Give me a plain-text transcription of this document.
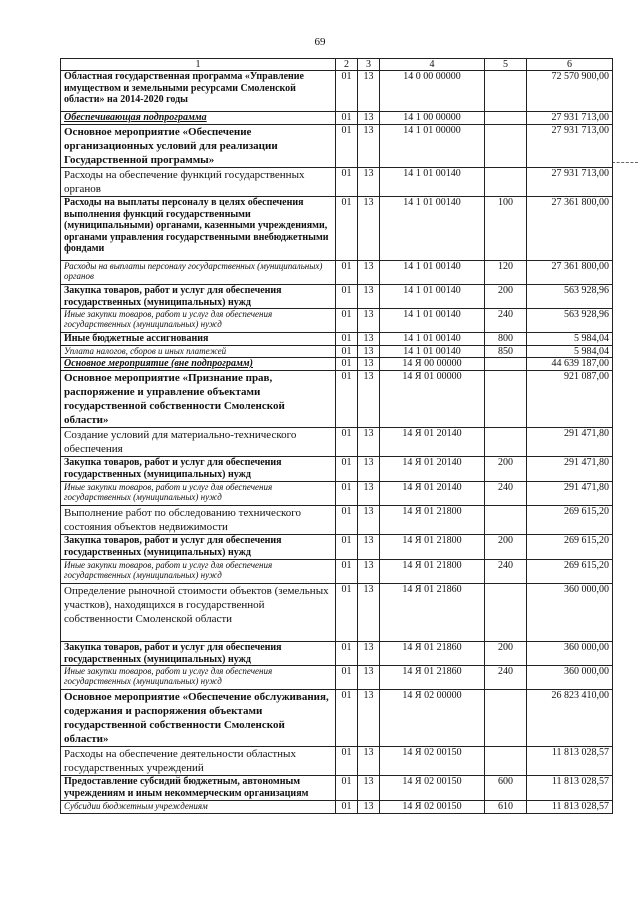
69
1	2	3	4	5	6
Областная государственная программа «Управление имуществом и земельными ресурсами Смоленской области» на 2014-2020 годы	01	13	14 0 00 00000		72 570 900,00
Обеспечивающая подпрограмма	01	13	14 1 00 00000		27 931 713,00
Основное мероприятие «Обеспечение организационных условий для реализации Государственной программы»	01	13	14 1 01 00000		27 931 713,00
Расходы на обеспечение функций государственных органов	01	13	14 1 01 00140		27 931 713,00
Расходы на выплаты персоналу в целях обеспечения выполнения функций государственными (муниципальными) органами, казенными учреждениями, органами управления государственными внебюджетными фондами	01	13	14 1 01 00140	100	27 361 800,00
Расходы на выплаты персоналу государственных (муниципальных) органов	01	13	14 1 01 00140	120	27 361 800,00
Закупка товаров, работ и услуг для обеспечения государственных (муниципальных) нужд	01	13	14 1 01 00140	200	563 928,96
Иные закупки товаров, работ и услуг для обеспечения государственных (муниципальных) нужд	01	13	14 1 01 00140	240	563 928,96
Иные бюджетные ассигнования	01	13	14 1 01 00140	800	5 984,04
Уплата налогов, сборов и иных платежей	01	13	14 1 01 00140	850	5 984,04
Основное мероприятие (вне подпрограмм)	01	13	14 Я 00 00000		44 639 187,00
Основное мероприятие «Признание прав, распоряжение и управление объектами государственной собственности Смоленской области»	01	13	14 Я 01 00000		921 087,00
Создание условий для материально-технического обеспечения	01	13	14 Я 01 20140		291 471,80
Закупка товаров, работ и услуг для обеспечения государственных (муниципальных) нужд	01	13	14 Я 01 20140	200	291 471,80
Иные закупки товаров, работ и услуг для обеспечения государственных (муниципальных) нужд	01	13	14 Я 01 20140	240	291 471,80
Выполнение работ по обследованию технического состояния объектов недвижимости	01	13	14 Я 01 21800		269 615,20
Закупка товаров, работ и услуг для обеспечения государственных (муниципальных) нужд	01	13	14 Я 01 21800	200	269 615,20
Иные закупки товаров, работ и услуг для обеспечения государственных (муниципальных) нужд	01	13	14 Я 01 21800	240	269 615,20
Определение рыночной стоимости объектов (земельных участков), находящихся в государственной собственности Смоленской области	01	13	14 Я 01 21860		360 000,00
Закупка товаров, работ и услуг для обеспечения государственных (муниципальных) нужд	01	13	14 Я 01 21860	200	360 000,00
Иные закупки товаров, работ и услуг для обеспечения государственных (муниципальных) нужд	01	13	14 Я 01 21860	240	360 000,00
Основное мероприятие «Обеспечение обслуживания, содержания и распоряжения объектами государственной собственности Смоленской области»	01	13	14 Я 02 00000		26 823 410,00
Расходы на обеспечение деятельности областных государственных учреждений	01	13	14 Я 02 00150		11 813 028,57
Предоставление субсидий бюджетным, автономным учреждениям и иным некоммерческим организациям	01	13	14 Я 02 00150	600	11 813 028,57
Субсидии бюджетным учреждениям	01	13	14 Я 02 00150	610	11 813 028,57
